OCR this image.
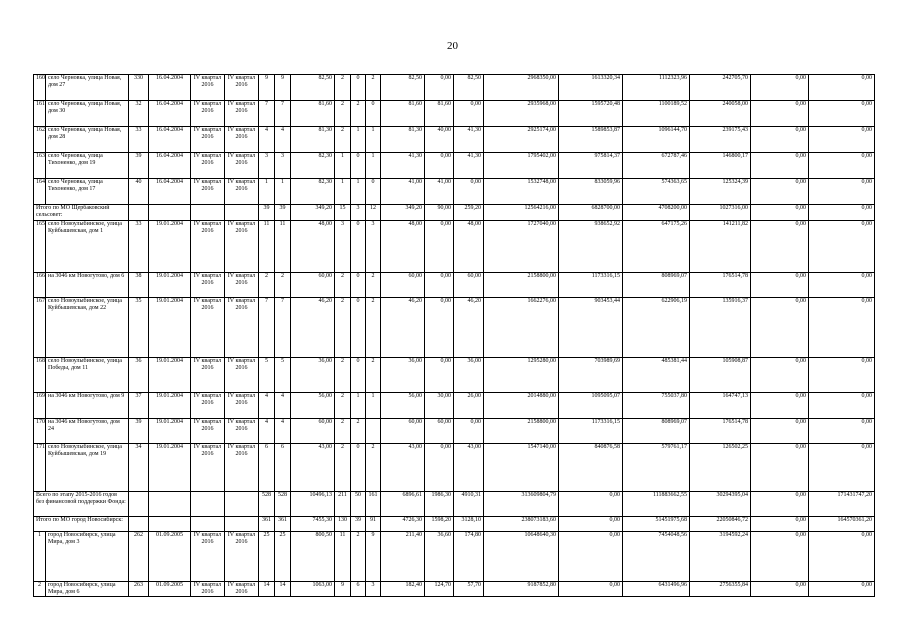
20
160	село Черновка, улица Новая, дом 27	330	16.04.2004	IV квартал 2016	IV квартал 2016	9	9	82,50	2	0	2	82,50	0,00	82,50	2968350,00	1613320,34	1112323,96	242705,70	0,00	0,00
161	село Черновка, улица Новая, дом 30	32	16.04.2004	IV квартал 2016	IV квартал 2016	7	7	81,60	2	2	0	81,60	81,60	0,00	2935968,00	1595720,48	1100189,52	240058,00	0,00	0,00
162	село Черновка, улица Новая, дом 28	33	16.04.2004	IV квартал 2016	IV квартал 2016	4	4	81,30	2	1	1	81,30	40,00	41,30	2925174,00	1589853,87	1096144,70	239175,43	0,00	0,00
163	село Черновка, улица Тихоненко, дом 19	39	16.04.2004	IV квартал 2016	IV квартал 2016	3	3	82,30	1	0	1	41,30	0,00	41,30	1795402,00	975814,37	672787,46	146800,17	0,00	0,00
164	село Черновка, улица Тихоненко, дом 17	40	16.04.2004	IV квартал 2016	IV квартал 2016	1	1	82,30	1	1	0	41,00	41,00	0,00	1532748,00	833059,96	574363,65	125324,39	0,00	0,00
Итого по МО Щербаковский сельсовет:						39	39	349,20	15	3	12	349,20	90,00	259,20	12564216,00	6828700,00	4708200,00	1027316,00	0,00	0,00
165	село Новоулыбинское, улица Куйбышевская, дом 1	33	19.01.2004	IV квартал 2016	IV квартал 2016	11	11	48,00	3	0	3	48,00	0,00	48,00	1727040,00	938652,92	647175,26	141211,82	0,00	0,00
166	на 3046 км Новогутово, дом 6	38	19.01.2004	IV квартал 2016	IV квартал 2016	2	2	60,00	2	0	2	60,00	0,00	60,00	2158800,00	1173316,15	808969,07	176514,78	0,00	0,00
167	село Новоулыбинское, улица Куйбышевская, дом 22	35	19.01.2004	IV квартал 2016	IV квартал 2016	7	7	46,20	2	0	2	46,20	0,00	46,20	1662276,00	903453,44	622906,19	135916,37	0,00	0,00
168	село Новоулыбинское, улица Победы, дом 11	36	19.01.2004	IV квартал 2016	IV квартал 2016	5	5	36,00	2	0	2	36,00	0,00	36,00	1295280,00	703989,69	485381,44	105908,87	0,00	0,00
169	на 3046 км Новогутово, дом 9	37	19.01.2004	IV квартал 2016	IV квартал 2016	4	4	56,00	2	1	1	56,00	30,00	26,00	2014880,00	1095095,07	755037,80	164747,13	0,00	0,00
170	на 3046 км Новогутово, дом 24	39	19.01.2004	IV квартал 2016	IV квартал 2016	4	4	60,00	2	2		60,00	60,00	0,00	2158800,00	1173316,15	808969,07	176514,78	0,00	0,00
171	село Новоулыбинское, улица Куйбышевская, дом 19	34	19.01.2004	IV квартал 2016	IV квартал 2016	6	6	43,00	2	0	2	43,00	0,00	43,00	1547140,00	840876,58	579761,17	126502,25	0,00	0,00
Всего по этапу 2015-2016 годов без финансовой поддержки Фонда:						528	528	10496,13	211	50	161	6896,61	1986,30	4910,31	313609804,79	0,00	111883662,55	30294395,04	0,00	171431747,20
Итого по МО город Новосибирск:						361	361	7455,30	130	39	91	4726,30	1598,20	3128,10	238073183,60	0,00	51451975,68	22050846,72	0,00	164570361,20
1	город Новосибирск, улица Мира, дом 3	262	01.09.2005	IV квартал 2016	IV квартал 2016	25	25	800,50	11	2	9	211,40	36,60	174,80	10648640,30	0,00	7454048,56	3194592,24	0,00	0,00
2	город Новосибирск, улица Мира, дом 6	263	01.09.2005	IV квартал 2016	IV квартал 2016	14	14	1063,00	9	6	3	182,40	124,70	57,70	9187852,80	0,00	6431496,96	2756355,84	0,00	0,00
